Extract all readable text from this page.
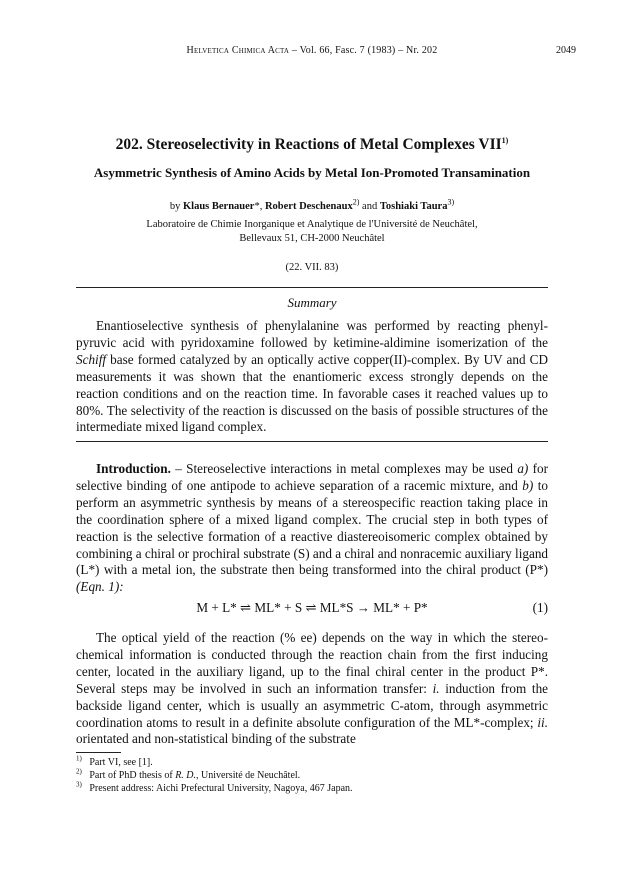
Helvetica Chimica Acta – Vol. 66, Fasc. 7 (1983) – Nr. 202	2049
202. Stereoselectivity in Reactions of Metal Complexes VII$^{1)}$
Asymmetric Synthesis of Amino Acids by Metal Ion-Promoted Transamination
by Klaus Bernauer*, Robert Deschenaux$^{2)}$ and Toshiaki Taura$^{3)}$
Laboratoire de Chimie Inorganique et Analytique de l'Université de Neuchâtel,
Bellevaux 51, CH-2000 Neuchâtel
(22. VII. 83)
Summary

Enantioselective synthesis of phenylalanine was performed by reacting phenylpyruvic acid with pyridoxamine followed by ketimine-aldimine isomerization of the Schiff base formed catalyzed by an optically active copper(II)-complex. By UV and CD measurements it was shown that the enantiomeric excess strongly depends on the reaction conditions and on the reaction time. In favorable cases it reached values up to 80%. The selectivity of the reaction is discussed on the basis of possible structures of the intermediate mixed ligand complex.

Introduction. – Stereoselective interactions in metal complexes may be used a) for selective binding of one antipode to achieve separation of a racemic mixture, and b) to perform an asymmetric synthesis by means of a stereospecific reaction taking place in the coordination sphere of a mixed ligand complex. The crucial step in both types of reaction is the selective formation of a reactive diastereoisomeric complex obtained by combining a chiral or prochiral substrate (S) and a chiral and nonracemic auxiliary ligand (L*) with a metal ion, the substrate then being transformed into the chiral product (P*) (Eqn. 1):

M + L* ⇌ ML* + S ⇌ ML*S → ML* + P*	(1)

The optical yield of the reaction (% ee) depends on the way in which the stereochemical information is conducted through the reaction chain from the first inducing center, located in the auxiliary ligand, up to the final chiral center in the product P*. Several steps may be involved in such an information transfer: i. induction from the backside ligand center, which is usually an asymmetric C-atom, through asymmetric coordination atoms to result in a definite absolute configuration of the ML*-complex; ii. orientated and non-statistical binding of the substrate

$^{1)}$ Part VI, see [1].
$^{2)}$ Part of PhD thesis of R. D., Université de Neuchâtel.
$^{3)}$ Present address: Aichi Prefectural University, Nagoya, 467 Japan.
